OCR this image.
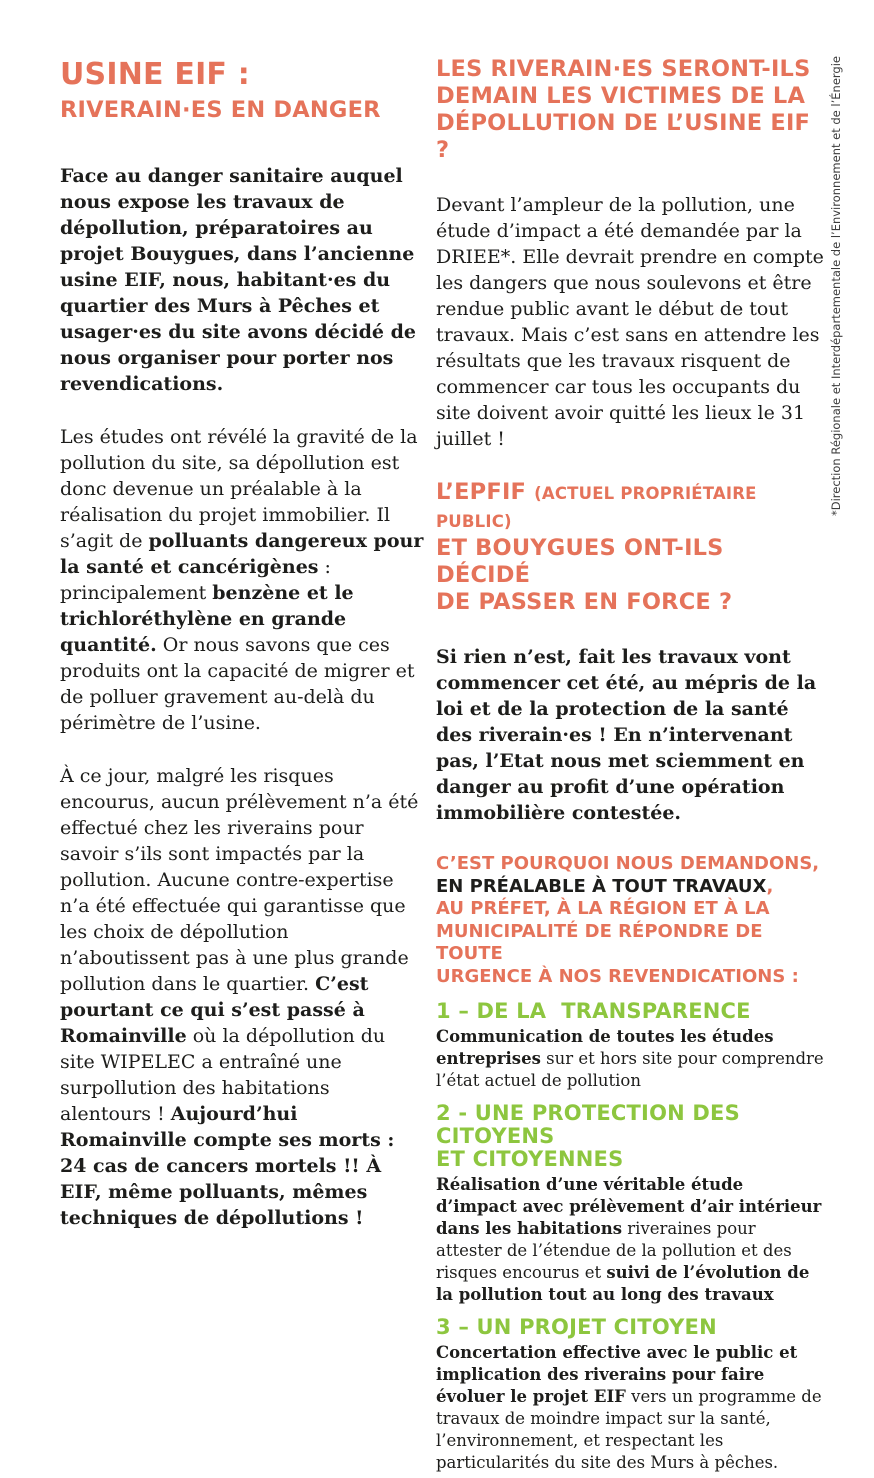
USINE EIF :
RIVERAIN·ES EN DANGER

Face au danger sanitaire auquel nous expose les travaux de dépollution, préparatoires au projet Bouygues, dans l’ancienne usine EIF, nous, habitant·es du quartier des Murs à Pêches et usager·es du site avons décidé de nous organiser pour porter nos revendications.

Les études ont révélé la gravité de la pollution du site, sa dépollution est donc devenue un préalable à la réalisation du projet immobilier. Il s’agit de polluants dangereux pour la santé et cancérigènes : principalement benzène et le trichloréthylène en grande quantité. Or nous savons que ces produits ont la capacité de migrer et de polluer gravement au-delà du périmètre de l’usine.

À ce jour, malgré les risques encourus, aucun prélèvement n’a été effectué chez les riverains pour savoir s’ils sont impactés par la pollution. Aucune contre-expertise n’a été effectuée qui garantisse que les choix de dépollution n’aboutissent pas à une plus grande pollution dans le quartier. C’est pourtant ce qui s’est passé à Romainville où la dépollution du site WIPELEC a entraîné une surpollution des habitations alentours ! Aujourd’hui Romainville compte ses morts : 24 cas de cancers mortels !! À EIF, même polluants, mêmes techniques de dépollutions !

LES RIVERAIN·ES SERONT-ILS
DEMAIN LES VICTIMES DE LA
DÉPOLLUTION DE L’USINE EIF ?

Devant l’ampleur de la pollution, une étude d’impact a été demandée par la DRIEE*. Elle devrait prendre en compte les dangers que nous soulevons et être rendue public avant le début de tout travaux. Mais c’est sans en attendre les résultats que les travaux risquent de commencer car tous les occupants du site doivent avoir quitté les lieux le 31 juillet !

L’EPFIF (ACTUEL PROPRIÉTAIRE PUBLIC)
ET BOUYGUES ONT-ILS DÉCIDÉ
DE PASSER EN FORCE ?

Si rien n’est, fait les travaux vont commencer cet été, au mépris de la loi et de la protection de la santé des riverain·es ! En n’intervenant pas, l’Etat nous met sciemment en danger au profit d’une opération immobilière contestée.

C’EST POURQUOI NOUS DEMANDONS,
EN PRÉALABLE À TOUT TRAVAUX,
AU PRÉFET, À LA RÉGION ET À LA
MUNICIPALITÉ DE RÉPONDRE DE TOUTE
URGENCE À NOS REVENDICATIONS :
1 – DE LA  TRANSPARENCE

Communication de toutes les études entreprises sur et hors site pour comprendre l’état actuel de pollution

2 - UNE PROTECTION DES CITOYENS
ET CITOYENNES

Réalisation d’une véritable étude d’impact avec prélèvement d’air intérieur dans les habitations riveraines pour attester de l’étendue de la pollution et des risques encourus et suivi de l’évolution de la pollution tout au long des travaux

3 – UN PROJET CITOYEN

Concertation effective avec le public et implication des riverains pour faire évoluer le projet EIF vers un programme de travaux de moindre impact sur la santé, l’environnement, et respectant les particularités du site des Murs à pêches.

*Direction Régionale et Interdépartementale de l’Environnement et de l’Énergie
